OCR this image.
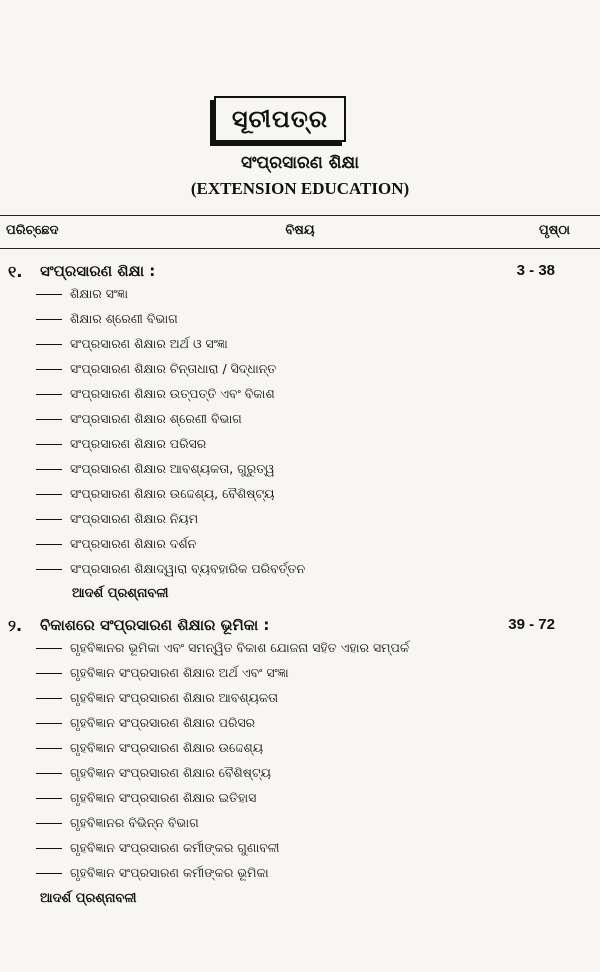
ସୂଚୀପତ୍ର
ସଂପ୍ରସାରଣ ଶିକ୍ଷା
(EXTENSION EDUCATION)
ପରିଚ୍ଛେଦ	ବିଷୟ	ପୃଷ୍ଠା
୧. ସଂପ୍ରସାରଣ ଶିକ୍ଷା :	3 - 38
ଶିକ୍ଷାର ସଂଜ୍ଞା
ଶିକ୍ଷାର ଶ୍ରେଣୀ ବିଭାଗ
ସଂପ୍ରସାରଣ ଶିକ୍ଷାର ଅର୍ଥ ଓ ସଂଜ୍ଞା
ସଂପ୍ରସାରଣ ଶିକ୍ଷାର ଚିନ୍ତାଧାରା / ସିଦ୍ଧାନ୍ତ
ସଂପ୍ରସାରଣ ଶିକ୍ଷାର ଉତ୍ପତ୍ତି ଏବଂ ବିକାଶ
ସଂପ୍ରସାରଣ ଶିକ୍ଷାର ଶ୍ରେଣୀ ବିଭାଗ
ସଂପ୍ରସାରଣ ଶିକ୍ଷାର ପରିସର
ସଂପ୍ରସାରଣ ଶିକ୍ଷାର ଆବଶ୍ୟକତା, ଗୁରୁତ୍ୱ
ସଂପ୍ରସାରଣ ଶିକ୍ଷାର ଉଦ୍ଦେଶ୍ୟ, ବୈଶିଷ୍ଟ୍ୟ
ସଂପ୍ରସାରଣ ଶିକ୍ଷାର ନିୟମ
ସଂପ୍ରସାରଣ ଶିକ୍ଷାର ଦର୍ଶନ
ସଂପ୍ରସାରଣ ଶିକ୍ଷାଦ୍ୱାରା ବ୍ୟବହାରିକ ପରିବର୍ତ୍ତନ
ଆଦର୍ଶ ପ୍ରଶ୍ନାବଳୀ
୨. ବିକାଶରେ ସଂପ୍ରସାରଣ ଶିକ୍ଷାର ଭୂମିକା :	39 - 72
ଗୃହବିଜ୍ଞାନର ଭୂମିକା ଏବଂ ସମନ୍ୱିତ ବିକାଶ ଯୋଜନା ସହିତ ଏହାର ସମ୍ପର୍କ
ଗୃହବିଜ୍ଞାନ ସଂପ୍ରସାରଣ ଶିକ୍ଷାର ଅର୍ଥ ଏବଂ ସଂଜ୍ଞା
ଗୃହବିଜ୍ଞାନ ସଂପ୍ରସାରଣ ଶିକ୍ଷାର ଆବଶ୍ୟକତା
ଗୃହବିଜ୍ଞାନ ସଂପ୍ରସାରଣ ଶିକ୍ଷାର ପରିସର
ଗୃହବିଜ୍ଞାନ ସଂପ୍ରସାରଣ ଶିକ୍ଷାର ଉଦ୍ଦେଶ୍ୟ
ଗୃହବିଜ୍ଞାନ ସଂପ୍ରସାରଣ ଶିକ୍ଷାର ବୈଶିଷ୍ଟ୍ୟ
ଗୃହବିଜ୍ଞାନ ସଂପ୍ରସାରଣ ଶିକ୍ଷାର ଇତିହାସ
ଗୃହବିଜ୍ଞାନର ବିଭିନ୍ନ ବିଭାଗ
ଗୃହବିଜ୍ଞାନ ସଂପ୍ରସାରଣ କର୍ମୀଙ୍କର ଗୁଣାବଳୀ
ଗୃହବିଜ୍ଞାନ ସଂପ୍ରସାରଣ କର୍ମୀଙ୍କର ଭୂମିକା
ଆଦର୍ଶ ପ୍ରଶ୍ନାବଳୀ
